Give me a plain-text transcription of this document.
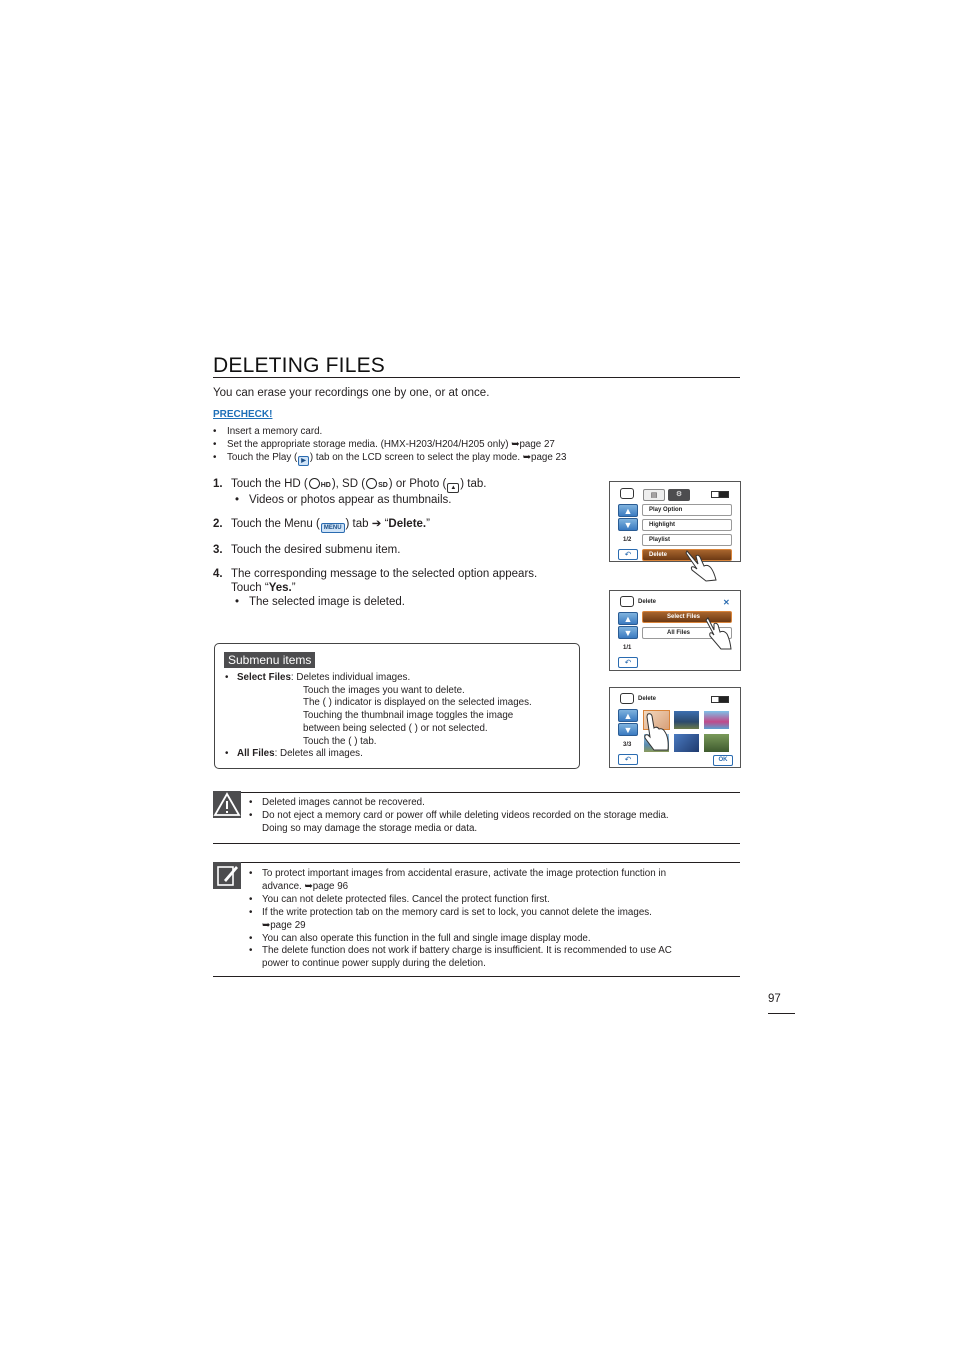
DELETING FILES
You can erase your recordings one by one, or at once.
PRECHECK!
• Insert a memory card.
• Set the appropriate storage media. (HMX-H203/H204/H205 only) ➥page 27
• Touch the Play ( ▶ ) tab on the LCD screen to select the play mode. ➥page 23
1. Touch the HD ( HD), SD ( SD) or Photo ( ▲ ) tab.
• Videos or photos appear as thumbnails.
2. Touch the Menu ( MENU ) tab ➔ “Delete.”
3. Touch the desired submenu item.
4. The corresponding message to the selected option appears.
Touch “Yes.”
• The selected image is deleted.
Submenu items
• Select Files: Deletes individual images.
Touch the images you want to delete.
The ( ) indicator is displayed on the selected images.
Touching the thumbnail image toggles the image
between being selected ( ) or not selected.
Touch the ( ) tab.
• All Files: Deletes all images.
▤	⚙
▲
▼
1/2
↶
Play Option
Highlight
Playlist
Delete
Delete	✕
▲
▼
1/1
↶
Select Files
All Files
Delete
▲
▼
3/3
↶	OK
• Deleted images cannot be recovered.
• Do not eject a memory card or power off while deleting videos recorded on the storage media.
Doing so may damage the storage media or data.
• To protect important images from accidental erasure, activate the image protection function in
advance. ➥page 96
• You can not delete protected files. Cancel the protect function first.
• If the write protection tab on the memory card is set to lock, you cannot delete the images.
➥page 29
• You can also operate this function in the full and single image display mode.
• The delete function does not work if battery charge is insufficient. It is recommended to use AC
power to continue power supply during the deletion.
97
